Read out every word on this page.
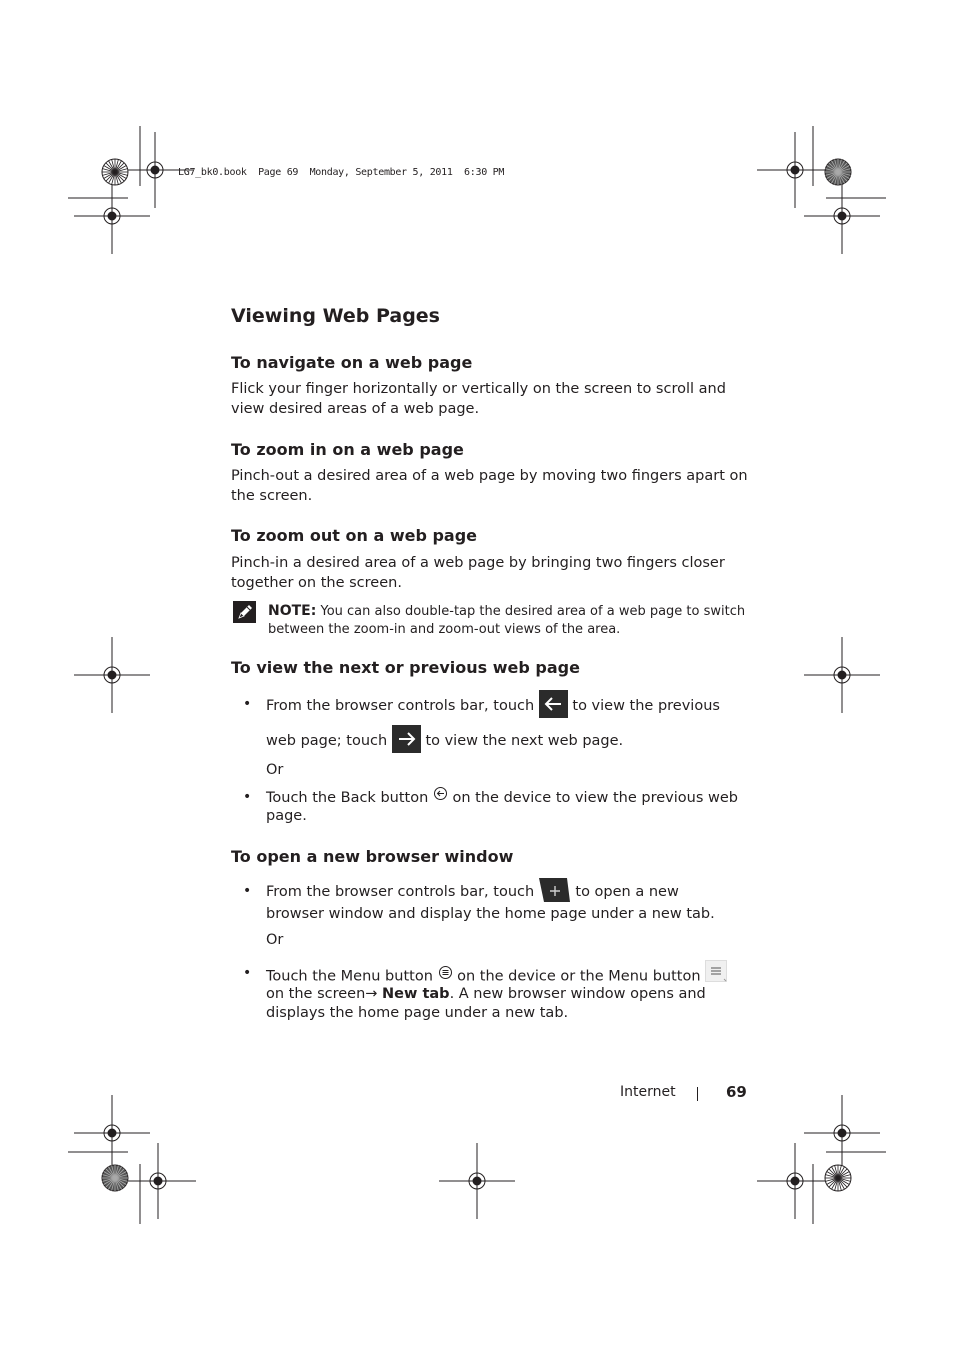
LG7_bk0.book  Page 69  Monday, September 5, 2011  6:30 PM
Viewing Web Pages
To navigate on a web page
Flick your finger horizontally or vertically on the screen to scroll and view desired areas of a web page.
To zoom in on a web page
Pinch-out a desired area of a web page by moving two fingers apart on the screen.
To zoom out on a web page
Pinch-in a desired area of a web page by bringing two fingers closer together on the screen.
NOTE: You can also double-tap the desired area of a web page to switch between the zoom-in and zoom-out views of the area.
To view the next or previous web page
• From the browser controls bar, touch	to view the previous
web page; touch	to view the next web page.
Or
• Touch the Back button on the device to view the previous web
page.
To open a new browser window
• From the browser controls bar, touch	to open a new
browser window and display the home page under a new tab.
Or
• Touch the Menu button on the device or the Menu button
on the screen→ New tab. A new browser window opens and
displays the home page under a new tab.
Internet	69
